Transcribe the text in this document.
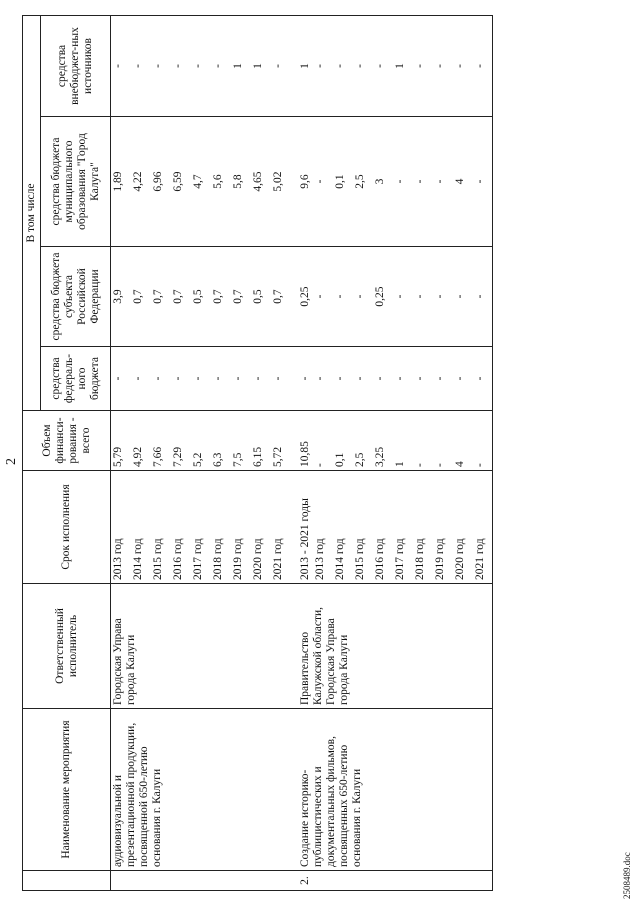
2
	Наименование мероприятия	Ответственный исполнитель	Срок исполнения	Объем финанси-рования - всего	В том числе			
					средства федераль-ного бюджета	средства бюджета субъекта Российской Федерации	средства бюджета муниципального образования "Город Калуга"	средства внебюджет-ных источников
	аудиовизуальной и презентационной продукции, посвященной 650-летию основания г. Калуги	Городская Управа города Калуги	2013 год	5,79	-	3,9	1,89	-
			2014 год	4,92	-	0,7	4,22	-
			2015 год	7,66	-	0,7	6,96	-
			2016 год	7,29	-	0,7	6,59	-
			2017 год	5,2	-	0,5	4,7	-
			2018 год	6,3	-	0,7	5,6	-
			2019 год	7,5	-	0,7	5,8	1
			2020 год	6,15	-	0,5	4,65	1
			2021 год	5,72	-	0,7	5,02	-
2.	Создание историко-публицистических и документальных фильмов, посвященных 650-летию основания г. Калуги	Правительство Калужской области, Городская Управа города Калуги	2013 - 2021 годы	10,85	-	0,25	9,6	1
			2013 год	-	-	-	-	-
			2014 год	0,1	-	-	0,1	-
			2015 год	2,5	-	-	2,5	-
			2016 год	3,25	-	0,25	3	-
			2017 год	1	-	-	-	1
			2018 год	-	-	-	-	-
			2019 год	-	-	-	-	-
			2020 год	4	-	-	4	-
			2021 год	-	-	-	-	-
2508489.doc
